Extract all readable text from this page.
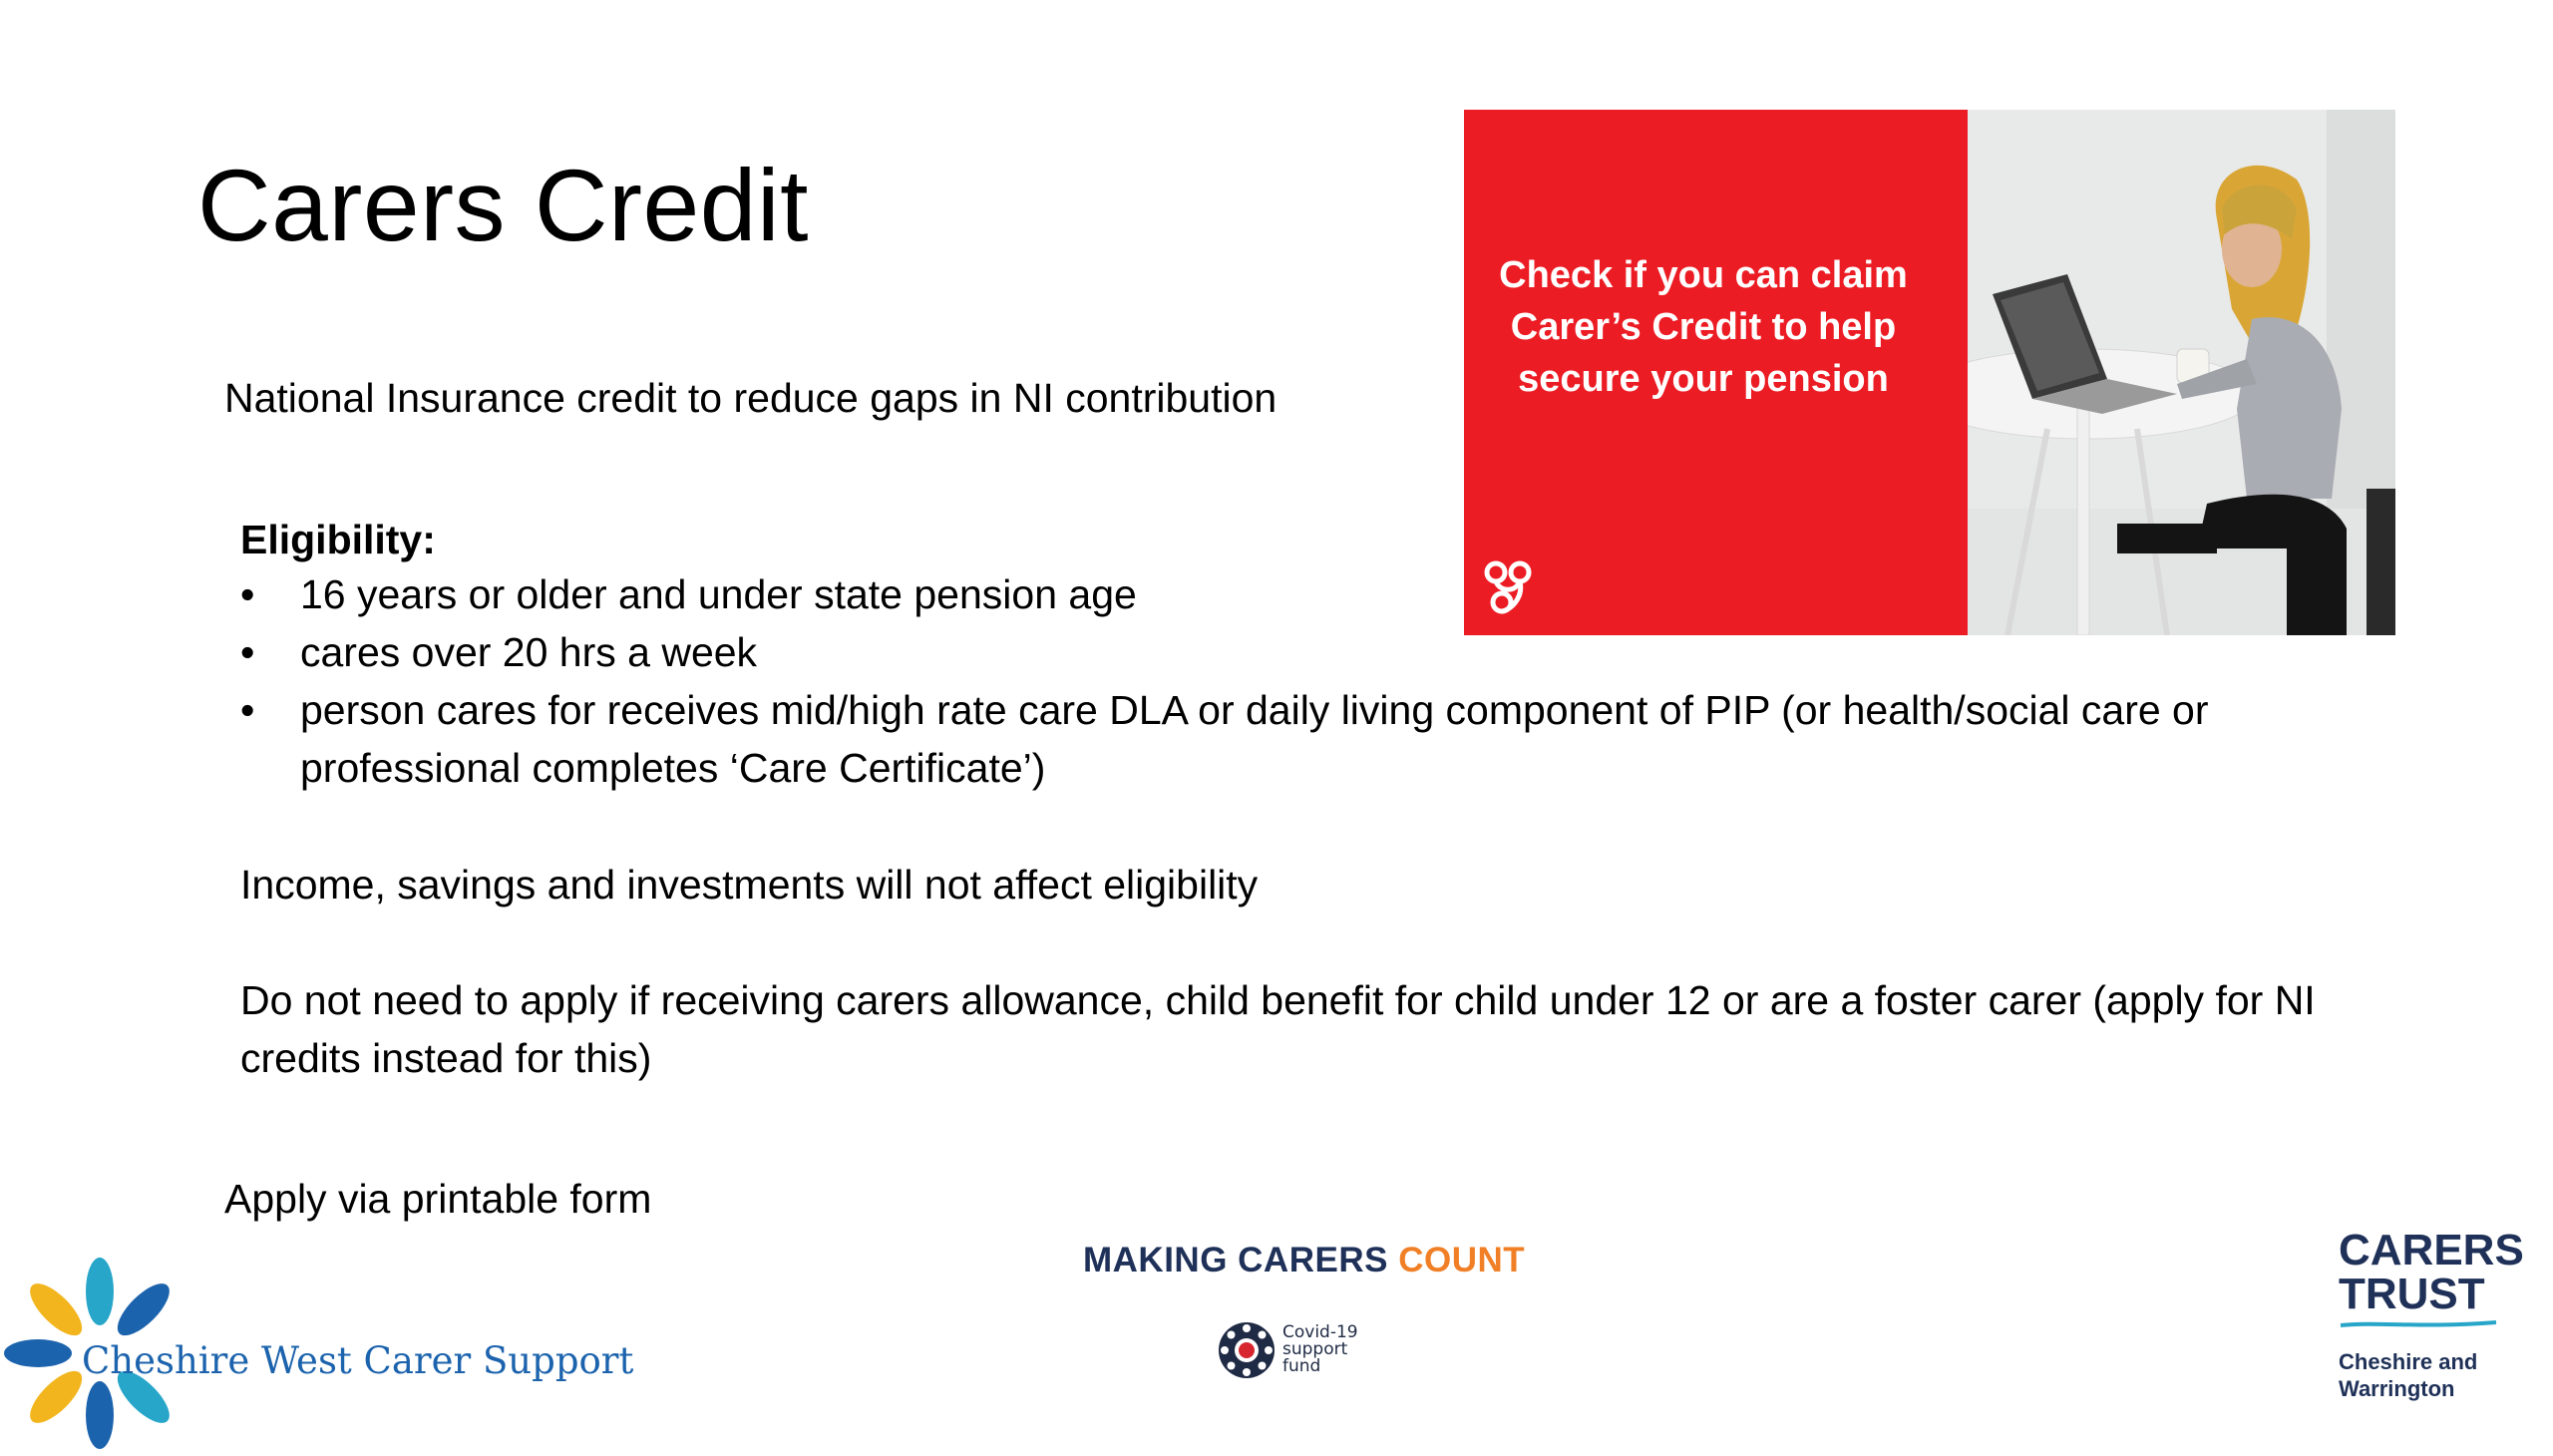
Carers Credit
National Insurance credit to reduce gaps in NI contribution
Eligibility:
• 16 years or older and under state pension age
• cares over 20 hrs a week
• person cares for receives mid/high rate care DLA or daily living component of PIP (or health/social care or professional completes ‘Care Certificate’)
Income, savings and investments will not affect eligibility
Do not need to apply if receiving carers allowance, child benefit for child under 12 or are a foster carer (apply for NI credits instead for this)
Apply via printable form
Check if you can claim Carer’s Credit to help secure your pension
Cheshire West Carer Support
MAKING CARERS COUNT
Covid-19
support
fund
CARERS
TRUST
Cheshire and
Warrington
